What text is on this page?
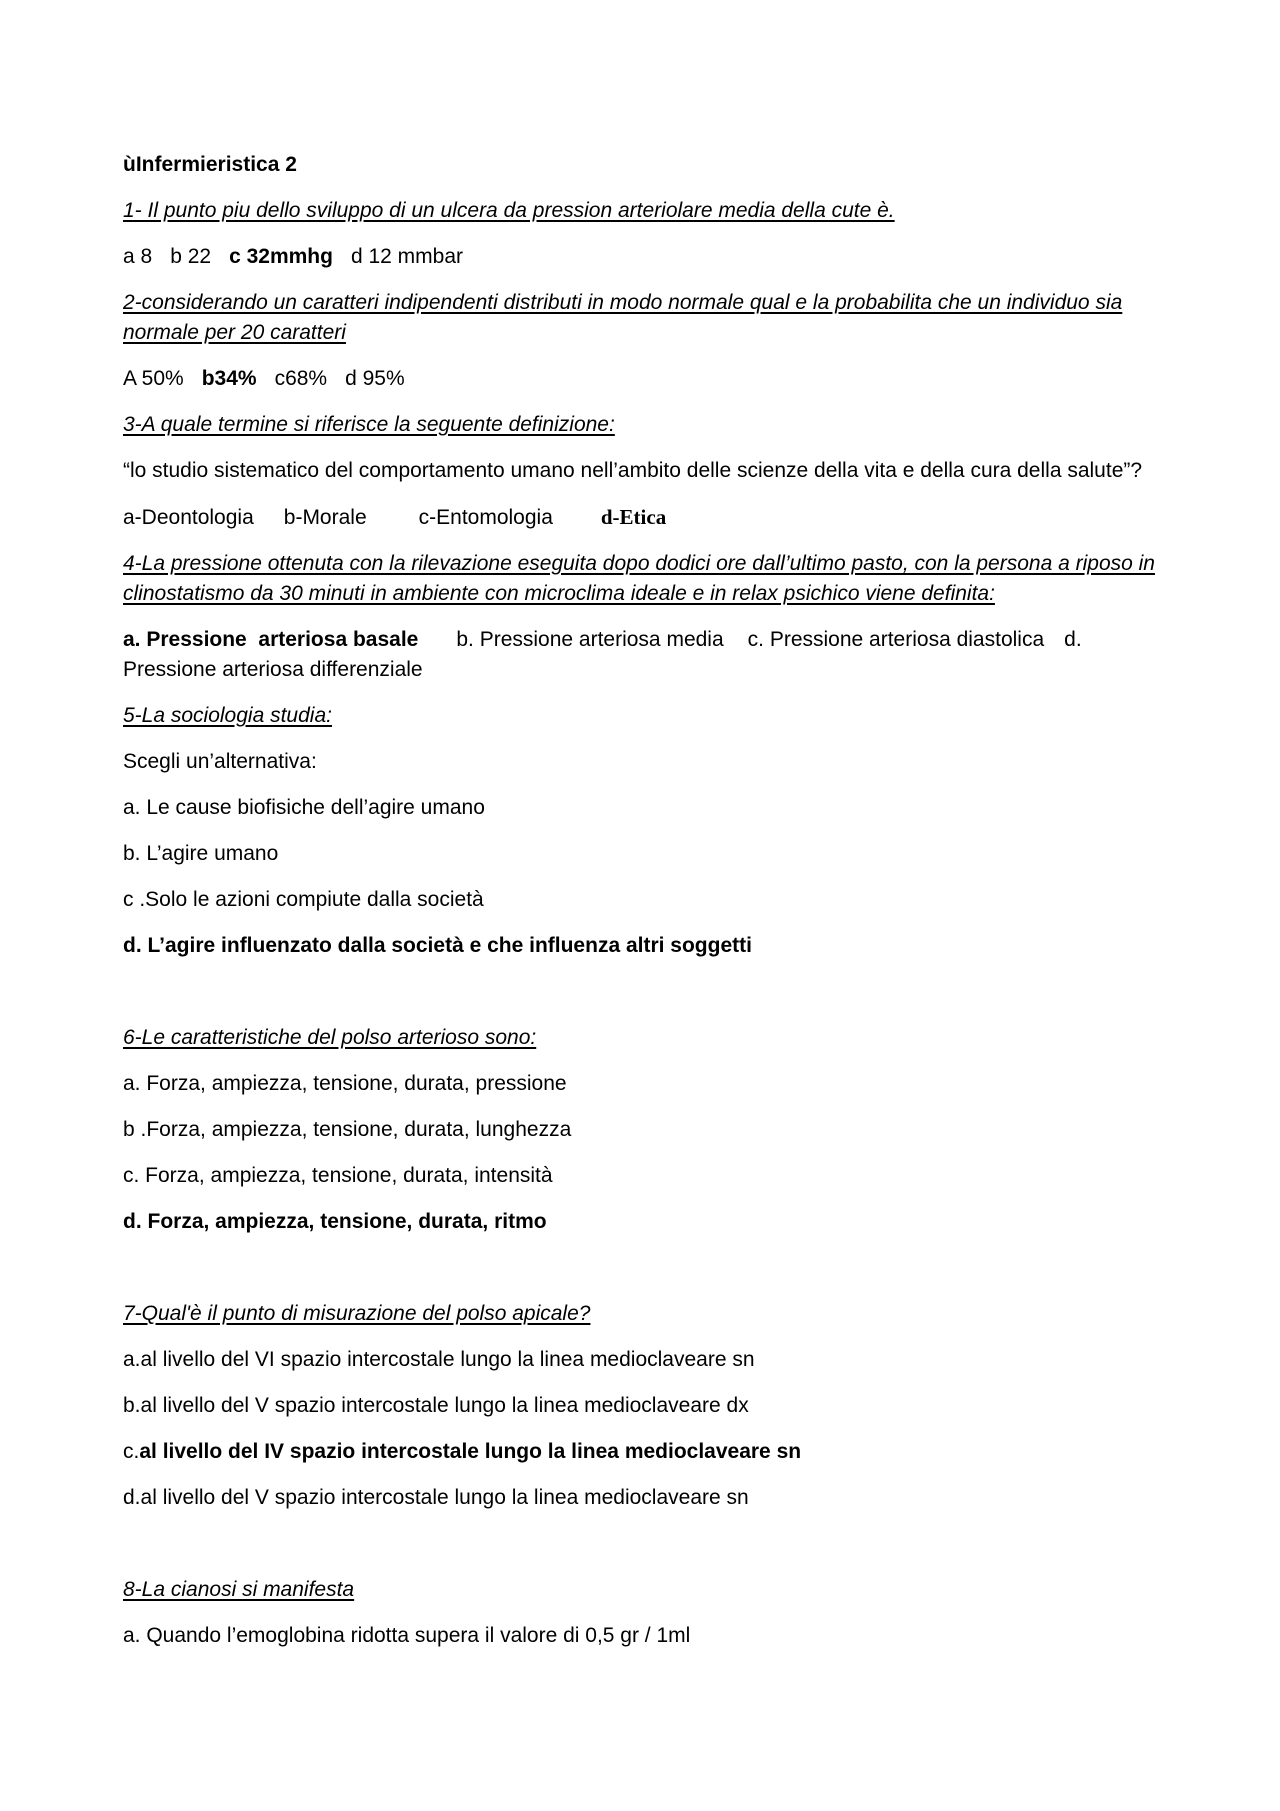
ùInfermieristica 2
1- Il punto piu dello sviluppo di un ulcera da pression arteriolare media della cute è.
a 8 b 22 c 32mmhg d 12 mmbar
2-considerando un caratteri indipendenti distributi in modo normale qual e la probabilita che un individuo sia normale per 20 caratteri
A 50% b34% c68% d 95%
3-A quale termine si riferisce la seguente definizione:
“lo studio sistematico del comportamento umano nell’ambito delle scienze della vita e della cura della salute”?
a-Deontologia b-Morale c-Entomologia d-Etica
4-La pressione ottenuta con la rilevazione eseguita dopo dodici ore dall’ultimo pasto, con la persona a riposo in clinostatismo da 30 minuti in ambiente con microclima ideale e in relax psichico viene definita:
a. Pressione  arteriosa basale b. Pressione arteriosa media c. Pressione arteriosa diastolica d. Pressione arteriosa differenziale
5-La sociologia studia:
Scegli un’alternativa:
a. Le cause biofisiche dell’agire umano
b. L’agire umano
c .Solo le azioni compiute dalla società
d. L’agire influenzato dalla società e che influenza altri soggetti
6-Le caratteristiche del polso arterioso sono:
a. Forza, ampiezza, tensione, durata, pressione
b .Forza, ampiezza, tensione, durata, lunghezza
c. Forza, ampiezza, tensione, durata, intensità
d. Forza, ampiezza, tensione, durata, ritmo
7-Qual'è il punto di misurazione del polso apicale?
a.al livello del VI spazio intercostale lungo la linea medioclaveare sn
b.al livello del V spazio intercostale lungo la linea medioclaveare dx
c.al livello del IV spazio intercostale lungo la linea medioclaveare sn
d.al livello del V spazio intercostale lungo la linea medioclaveare sn
8-La cianosi si manifesta
a. Quando l’emoglobina ridotta supera il valore di 0,5 gr / 1ml
